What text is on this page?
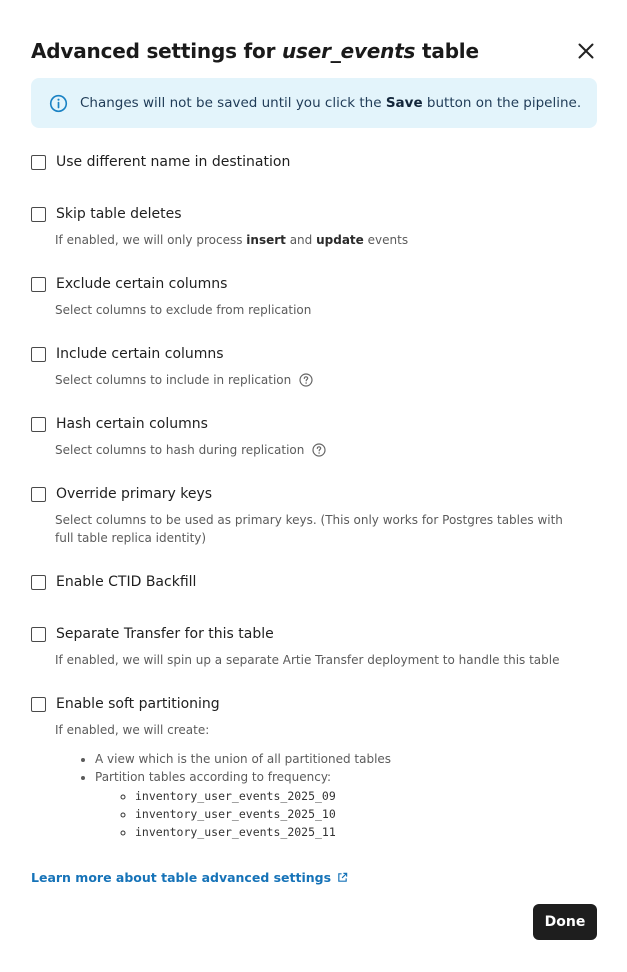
Advanced settings for user_events table
Changes will not be saved until you click the Save button on the pipeline.
Use different name in destination
Skip table deletes
If enabled, we will only process insert and update events
Exclude certain columns
Select columns to exclude from replication
Include certain columns
Select columns to include in replication
Hash certain columns
Select columns to hash during replication
Override primary keys
Select columns to be used as primary keys. (This only works for Postgres tables with full table replica identity)
Enable CTID Backfill
Separate Transfer for this table
If enabled, we will spin up a separate Artie Transfer deployment to handle this table
Enable soft partitioning
If enabled, we will create:
• A view which is the union of all partitioned tables
• Partition tables according to frequency:
◦ inventory_user_events_2025_09
◦ inventory_user_events_2025_10
◦ inventory_user_events_2025_11
Learn more about table advanced settings
Done
